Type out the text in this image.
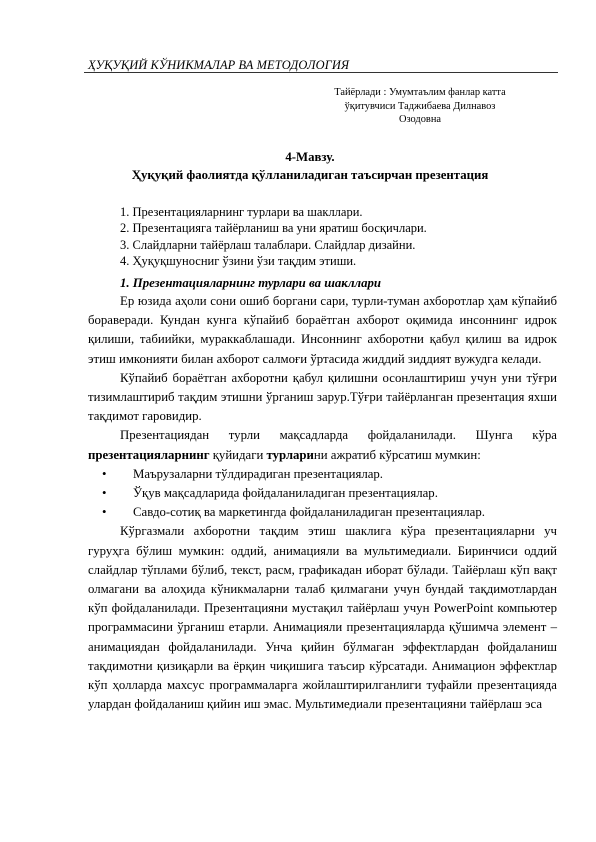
ҲУҚУҚИЙ КЎНИКМАЛАР ВА МЕТОДОЛОГИЯ
Тайёрлади : Умумтаълим фанлар катта
ўқитувчиси Таджибаева Дилнавоз
Озодовна
4-Мавзу.
Ҳуқуқий фаолиятда қўлланиладиган таъсирчан презентация
1. Презентацияларнинг турлари ва шакллари.
2. Презентацияга тайёрланиш ва уни яратиш босқичлари.
3. Слайдларни тайёрлаш талаблари. Слайдлар дизайни.
4. Ҳуқуқшуносниг ўзини ўзи тақдим этиши.
1. Презентацияларнинг турлари ва шакллари

Ер юзида аҳоли сони ошиб боргани сари, турли-туман ахборотлар ҳам кўпайиб бораверади. Кундан кунга кўпайиб бораётган ахборот оқимида инсоннинг идрок қилиши, табиийки, мураккаблашади. Инсоннинг ахборотни қабул қилиш ва идрок этиш имконияти билан ахборот салмоғи ўртасида жиддий зиддият вужудга келади.

Кўпайиб бораётган ахборотни қабул қилишни осонлаштириш учун уни тўғри тизимлаштириб тақдим этишни ўрганиш зарур.Тўғри тайёрланган презентация яхши тақдимот гаровидир.

Презентациядан турли мақсадларда фойдаланилади. Шунга кўра презентацияларнинг қуйидаги турларини ажратиб кўрсатиш мумкин:

• Маърузаларни тўлдирадиган презентациялар.
• Ўқув мақсадларида фойдаланиладиган презентациялар.
• Савдо-сотиқ ва маркетингда фойдаланиладиган презентациялар.

Кўргазмали ахборотни тақдим этиш шаклига кўра презентацияларни уч гуруҳга бўлиш мумкин: оддий, анимацияли ва мультимедиали. Биринчиси оддий слайдлар тўплами бўлиб, текст, расм, графикадан иборат бўлади. Тайёрлаш кўп вақт олмагани ва алоҳида кўникмаларни талаб қилмагани учун бундай тақдимотлардан кўп фойдаланилади. Презентацияни мустақил тайёрлаш учун PowerPoint компьютер программасини ўрганиш етарли. Анимацияли презентацияларда қўшимча элемент – анимациядан фойдаланилади. Унча қийин бўлмаган эффектлардан фойдаланиш тақдимотни қизиқарли ва ёрқин чиқишига таъсир кўрсатади. Анимацион эффектлар кўп ҳолларда махсус программаларга жойлаштирилганлиги туфайли презентацияда улардан фойдаланиш қийин иш эмас. Мультимедиали презентацияни тайёрлаш эса
